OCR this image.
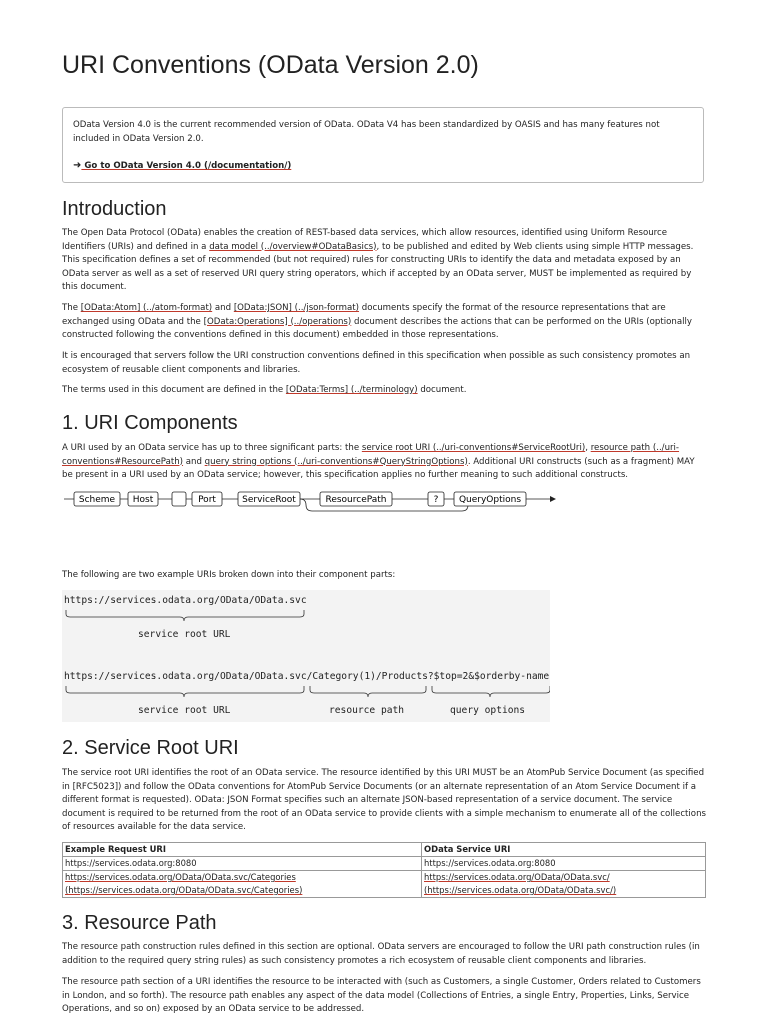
URI Conventions (OData Version 2.0)

OData Version 4.0 is the current recommended version of OData. OData V4 has been standardized by OASIS and has many features not included in OData Version 2.0.

➜ Go to OData Version 4.0 (/documentation/)

Introduction

The Open Data Protocol (OData) enables the creation of REST-based data services, which allow resources, identified using Uniform Resource Identifiers (URIs) and defined in a data model (../overview#ODataBasics), to be published and edited by Web clients using simple HTTP messages. This specification defines a set of recommended (but not required) rules for constructing URIs to identify the data and metadata exposed by an OData server as well as a set of reserved URI query string operators, which if accepted by an OData server, MUST be implemented as required by this document.

The [OData:Atom] (../atom-format) and [OData:JSON] (../json-format) documents specify the format of the resource representations that are exchanged using OData and the [OData:Operations] (../operations) document describes the actions that can be performed on the URIs (optionally constructed following the conventions defined in this document) embedded in those representations.

It is encouraged that servers follow the URI construction conventions defined in this specification when possible as such consistency promotes an ecosystem of reusable client components and libraries.

The terms used in this document are defined in the [OData:Terms] (../terminology) document.

1. URI Components

A URI used by an OData service has up to three significant parts: the service root URI (../uri-conventions#ServiceRootUri), resource path (../uri-conventions#ResourcePath) and query string options (../uri-conventions#QueryStringOptions). Additional URI constructs (such as a fragment) MAY be present in a URI used by an OData service; however, this specification applies no further meaning to such additional constructs.

Scheme Host	Port	ServiceRoot	ResourcePath	? QueryOptions

The following are two example URIs broken down into their component parts:

https://services.odata.org/OData/OData.svc
service root URL
https://services.odata.org/OData/OData.svc/Category(1)/Products?$top=2&$orderby-name
service root URL	resource path	query options
2. Service Root URI

The service root URI identifies the root of an OData service. The resource identified by this URI MUST be an AtomPub Service Document (as specified in [RFC5023]) and follow the OData conventions for AtomPub Service Documents (or an alternate representation of an Atom Service Document if a different format is requested). OData: JSON Format specifies such an alternate JSON-based representation of a service document. The service document is required to be returned from the root of an OData service to provide clients with a simple mechanism to enumerate all of the collections of resources available for the data service.

Example Request URI	OData Service URI
https://services.odata.org:8080	https://services.odata.org:8080
https://services.odata.org/OData/OData.svc/Categories
(https://services.odata.org/OData/OData.svc/Categories)	https://services.odata.org/OData/OData.svc/
(https://services.odata.org/OData/OData.svc/)
3. Resource Path

The resource path construction rules defined in this section are optional. OData servers are encouraged to follow the URI path construction rules (in addition to the required query string rules) as such consistency promotes a rich ecosystem of reusable client components and libraries.

The resource path section of a URI identifies the resource to be interacted with (such as Customers, a single Customer, Orders related to Customers in London, and so forth). The resource path enables any aspect of the data model (Collections of Entries, a single Entry, Properties, Links, Service Operations, and so on) exposed by an OData service to be addressed.
